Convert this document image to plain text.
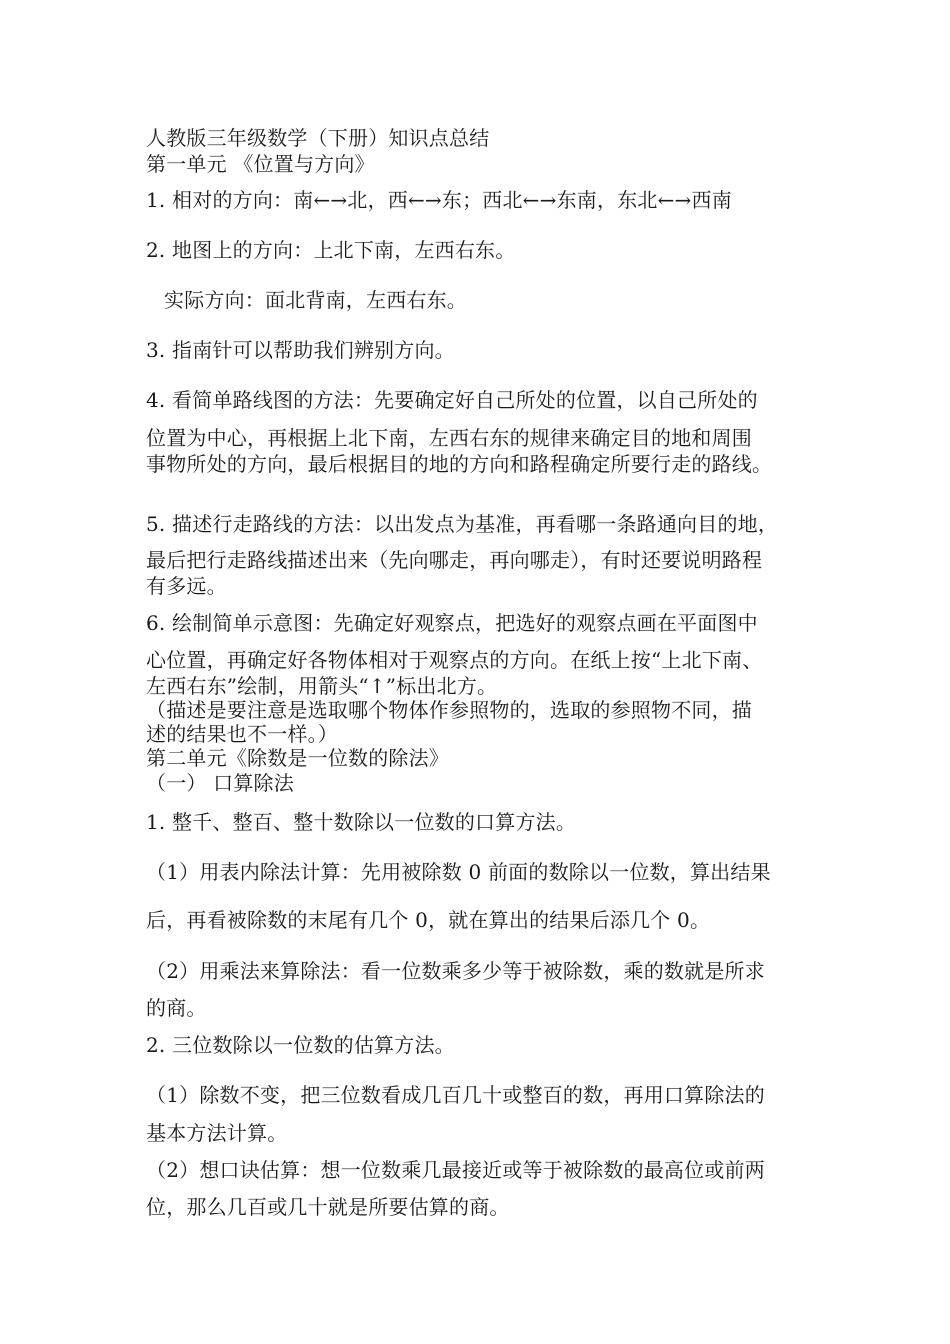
人教版三年级数学（下册）知识点总结
第一单元 《位置与方向》
1. 相对的方向：南←→北，西←→东；西北←→东南，东北←→西南
2. 地图上的方向：上北下南，左西右东。
实际方向：面北背南，左西右东。
3. 指南针可以帮助我们辨别方向。
4. 看简单路线图的方法：先要确定好自己所处的位置，以自己所处的
位置为中心，再根据上北下南，左西右东的规律来确定目的地和周围
事物所处的方向，最后根据目的地的方向和路程确定所要行走的路线。
5. 描述行走路线的方法：以出发点为基准，再看哪一条路通向目的地，
最后把行走路线描述出来（先向哪走，再向哪走），有时还要说明路程
有多远。
6. 绘制简单示意图：先确定好观察点，把选好的观察点画在平面图中
心位置，再确定好各物体相对于观察点的方向。在纸上按“上北下南、
左西右东”绘制，用箭头“↑”标出北方。
（描述是要注意是选取哪个物体作参照物的，选取的参照物不同，描
述的结果也不一样。）
第二单元《除数是一位数的除法》
（一） 口算除法
1. 整千、整百、整十数除以一位数的口算方法。
（1）用表内除法计算：先用被除数 0 前面的数除以一位数，算出结果
后，再看被除数的末尾有几个 0，就在算出的结果后添几个 0。
（2）用乘法来算除法：看一位数乘多少等于被除数，乘的数就是所求
的商。
2. 三位数除以一位数的估算方法。
（1）除数不变，把三位数看成几百几十或整百的数，再用口算除法的
基本方法计算。
（2）想口诀估算：想一位数乘几最接近或等于被除数的最高位或前两
位，那么几百或几十就是所要估算的商。
